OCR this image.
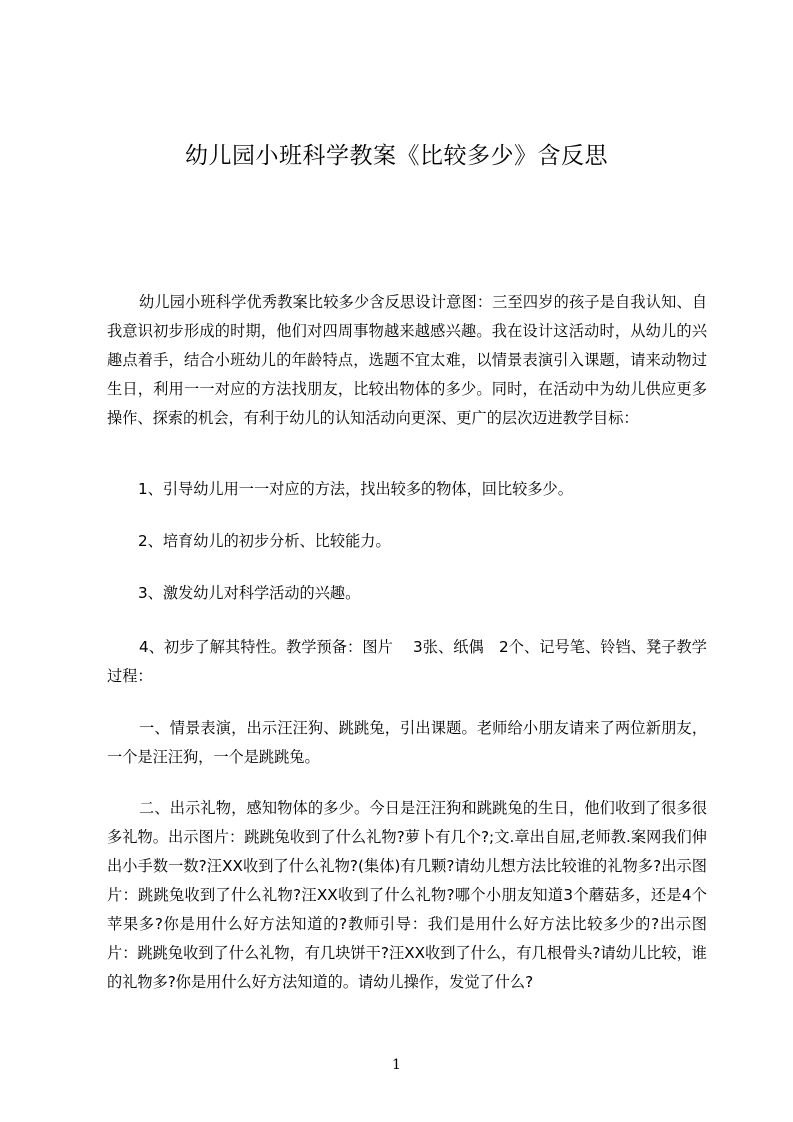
幼儿园小班科学教案《比较多少》含反思

幼儿园小班科学优秀教案比较多少含反思设计意图：三至四岁的孩子是自我认知、自我意识初步形成的时期，他们对四周事物越来越感兴趣。我在设计这活动时，从幼儿的兴趣点着手，结合小班幼儿的年龄特点，选题不宜太难，以情景表演引入课题，请来动物过生日，利用一一对应的方法找朋友，比较出物体的多少。同时，在活动中为幼儿供应更多操作、探索的机会，有利于幼儿的认知活动向更深、更广的层次迈进教学目标：

1、引导幼儿用一一对应的方法，找出较多的物体，回比较多少。

2、培育幼儿的初步分析、比较能力。

3、激发幼儿对科学活动的兴趣。

4、初步了解其特性。教学预备：图片　 3张、纸偶　2个、记号笔、铃铛、凳子教学过程：

一、情景表演，出示汪汪狗、跳跳兔，引出课题。老师给小朋友请来了两位新朋友，一个是汪汪狗，一个是跳跳兔。

二、出示礼物，感知物体的多少。今日是汪汪狗和跳跳兔的生日，他们收到了很多很多礼物。出示图片：跳跳兔收到了什么礼物?萝卜有几个?;文.章出自屈,老师教.案网我们伸出小手数一数?汪XX收到了什么礼物?(集体)有几颗?请幼儿想方法比较谁的礼物多?出示图片：跳跳兔收到了什么礼物?汪XX收到了什么礼物?哪个小朋友知道3个蘑菇多，还是4个苹果多?你是用什么好方法知道的?教师引导：我们是用什么好方法比较多少的?出示图片：跳跳兔收到了什么礼物，有几块饼干?汪XX收到了什么，有几根骨头?请幼儿比较，谁的礼物多?你是用什么好方法知道的。请幼儿操作，发觉了什么?

1
